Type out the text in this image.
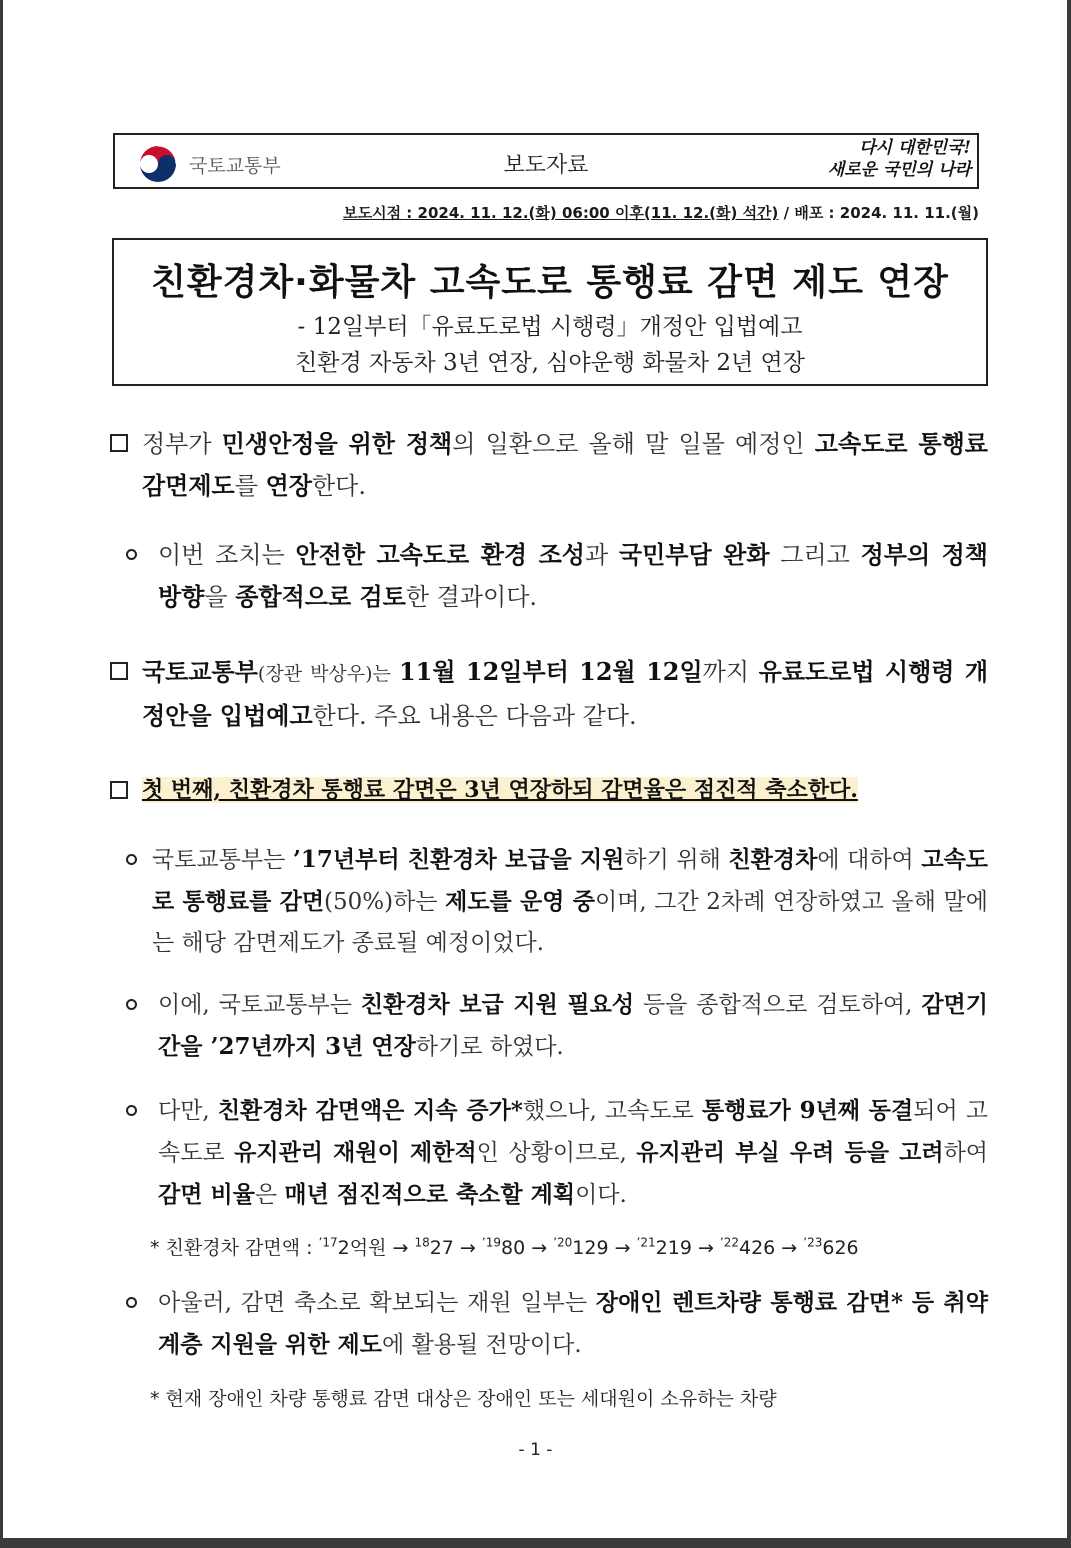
국토교통부	보도자료
다시 대한민국!
새로운 국민의 나라
보도시점 : 2024. 11. 12.(화) 06:00 이후(11. 12.(화) 석간) / 배포 : 2024. 11. 11.(월)
친환경차·화물차 고속도로 통행료 감면 제도 연장
- 12일부터「유료도로법 시행령」개정안 입법예고
친환경 자동차 3년 연장, 심야운행 화물차 2년 연장
정부가 민생안정을 위한 정책의 일환으로 올해 말 일몰 예정인 고속도로 통행료 감면제도를 연장한다.
이번 조치는 안전한 고속도로 환경 조성과 국민부담 완화 그리고 정부의 정책 방향을 종합적으로 검토한 결과이다.
국토교통부(장관 박상우)는 11월 12일부터 12월 12일까지 유료도로법 시행령 개정안을 입법예고한다. 주요 내용은 다음과 같다.
첫 번째, 친환경차 통행료 감면은 3년 연장하되 감면율은 점진적 축소한다.
국토교통부는 ’17년부터 친환경차 보급을 지원하기 위해 친환경차에 대하여 고속도로 통행료를 감면(50%)하는 제도를 운영 중이며, 그간 2차례 연장하였고 올해 말에는 해당 감면제도가 종료될 예정이었다.
이에, 국토교통부는 친환경차 보급 지원 필요성 등을 종합적으로 검토하여, 감면기간을 ’27년까지 3년 연장하기로 하였다.
다만, 친환경차 감면액은 지속 증가*했으나, 고속도로 통행료가 9년째 동결되어 고속도로 유지관리 재원이 제한적인 상황이므로, 유지관리 부실 우려 등을 고려하여 감면 비율은 매년 점진적으로 축소할 계획이다.
* 친환경차 감면액 : $^{’17}$2억원 → $^{18}$27 → $^{’19}$80 → $^{’20}$129 → $^{’21}$219 → $^{’22}$426 → $^{’23}$626
아울러, 감면 축소로 확보되는 재원 일부는 장애인 렌트차량 통행료 감면* 등 취약계층 지원을 위한 제도에 활용될 전망이다.
* 현재 장애인 차량 통행료 감면 대상은 장애인 또는 세대원이 소유하는 차량
- 1 -
